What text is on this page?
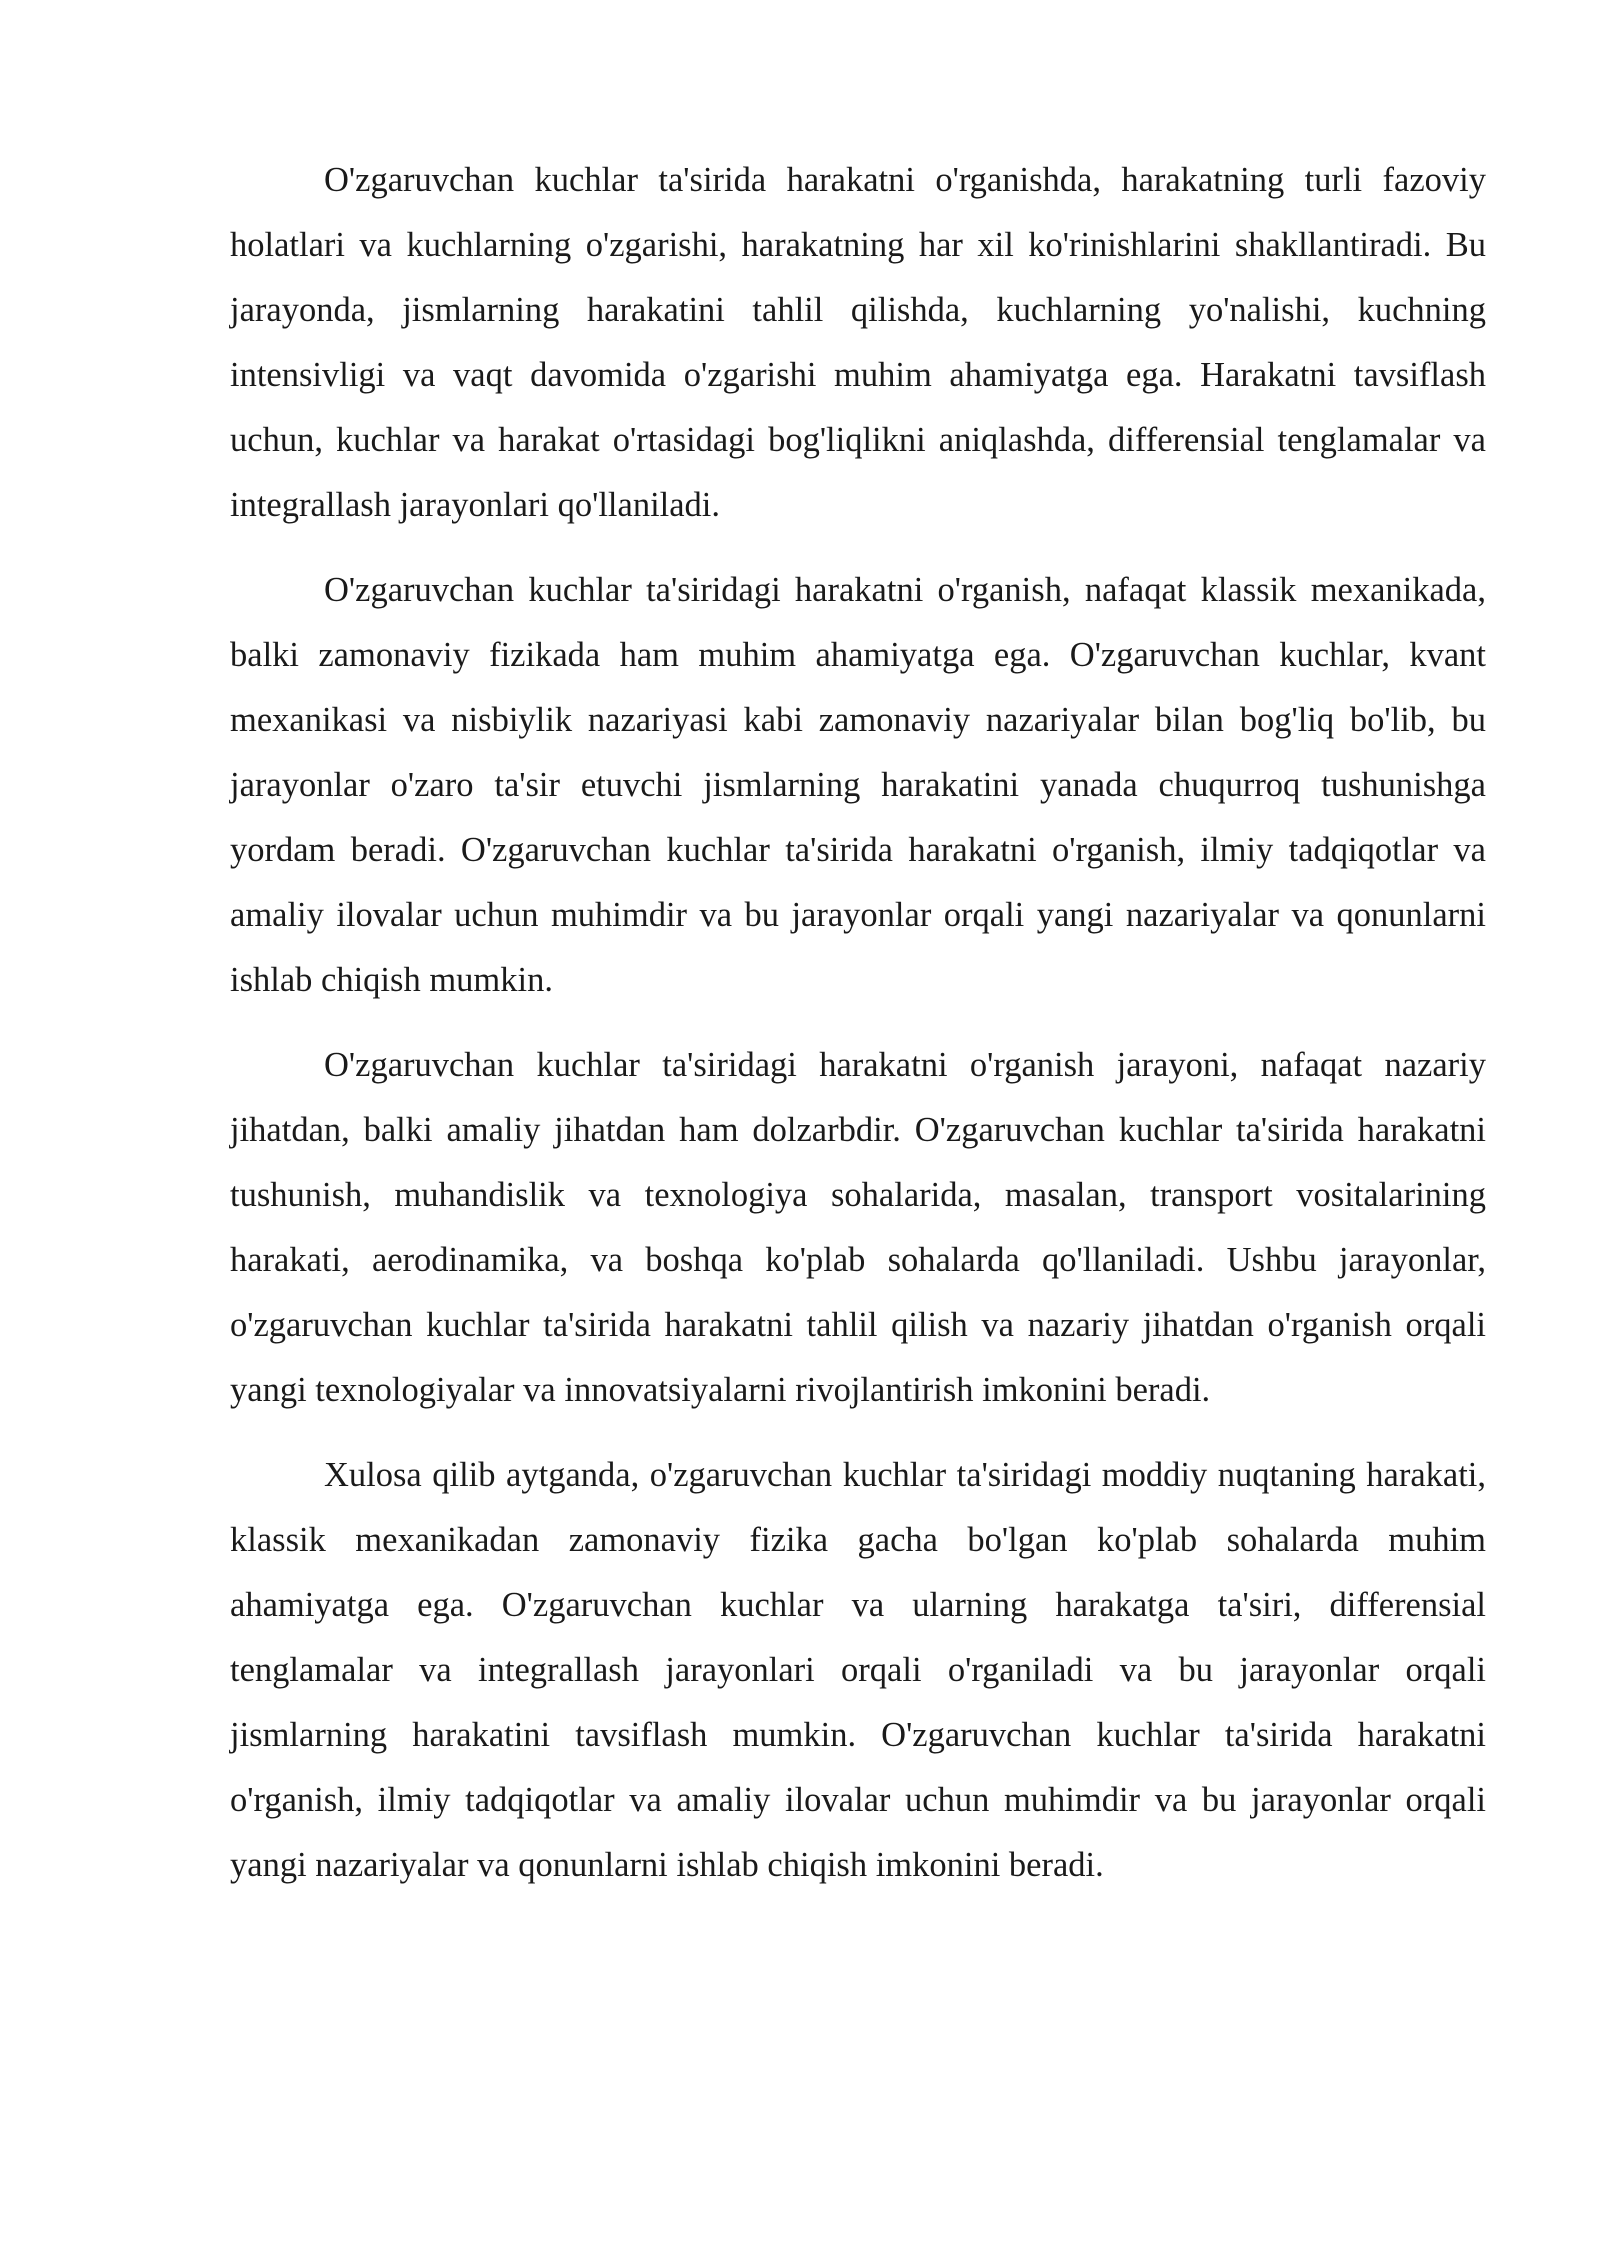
O'zgaruvchan kuchlar ta'sirida harakatni o'rganishda, harakatning turli fazoviy holatlari va kuchlarning o'zgarishi, harakatning har xil ko'rinishlarini shakllantiradi. Bu jarayonda, jismlarning harakatini tahlil qilishda, kuchlarning yo'nalishi, kuchning intensivligi va vaqt davomida o'zgarishi muhim ahamiyatga ega. Harakatni tavsiflash uchun, kuchlar va harakat o'rtasidagi bog'liqlikni aniqlashda, differensial tenglamalar va integrallash jarayonlari qo'llaniladi.

O'zgaruvchan kuchlar ta'siridagi harakatni o'rganish, nafaqat klassik mexanikada, balki zamonaviy fizikada ham muhim ahamiyatga ega. O'zgaruvchan kuchlar, kvant mexanikasi va nisbiylik nazariyasi kabi zamonaviy nazariyalar bilan bog'liq bo'lib, bu jarayonlar o'zaro ta'sir etuvchi jismlarning harakatini yanada chuqurroq tushunishga yordam beradi. O'zgaruvchan kuchlar ta'sirida harakatni o'rganish, ilmiy tadqiqotlar va amaliy ilovalar uchun muhimdir va bu jarayonlar orqali yangi nazariyalar va qonunlarni ishlab chiqish mumkin.

O'zgaruvchan kuchlar ta'siridagi harakatni o'rganish jarayoni, nafaqat nazariy jihatdan, balki amaliy jihatdan ham dolzarbdir. O'zgaruvchan kuchlar ta'sirida harakatni tushunish, muhandislik va texnologiya sohalarida, masalan, transport vositalarining harakati, aerodinamika, va boshqa ko'plab sohalarda qo'llaniladi. Ushbu jarayonlar, o'zgaruvchan kuchlar ta'sirida harakatni tahlil qilish va nazariy jihatdan o'rganish orqali yangi texnologiyalar va innovatsiyalarni rivojlantirish imkonini beradi.

Xulosa qilib aytganda, o'zgaruvchan kuchlar ta'siridagi moddiy nuqtaning harakati, klassik mexanikadan zamonaviy fizika gacha bo'lgan ko'plab sohalarda muhim ahamiyatga ega. O'zgaruvchan kuchlar va ularning harakatga ta'siri, differensial tenglamalar va integrallash jarayonlari orqali o'rganiladi va bu jarayonlar orqali jismlarning harakatini tavsiflash mumkin. O'zgaruvchan kuchlar ta'sirida harakatni o'rganish, ilmiy tadqiqotlar va amaliy ilovalar uchun muhimdir va bu jarayonlar orqali yangi nazariyalar va qonunlarni ishlab chiqish imkonini beradi.
